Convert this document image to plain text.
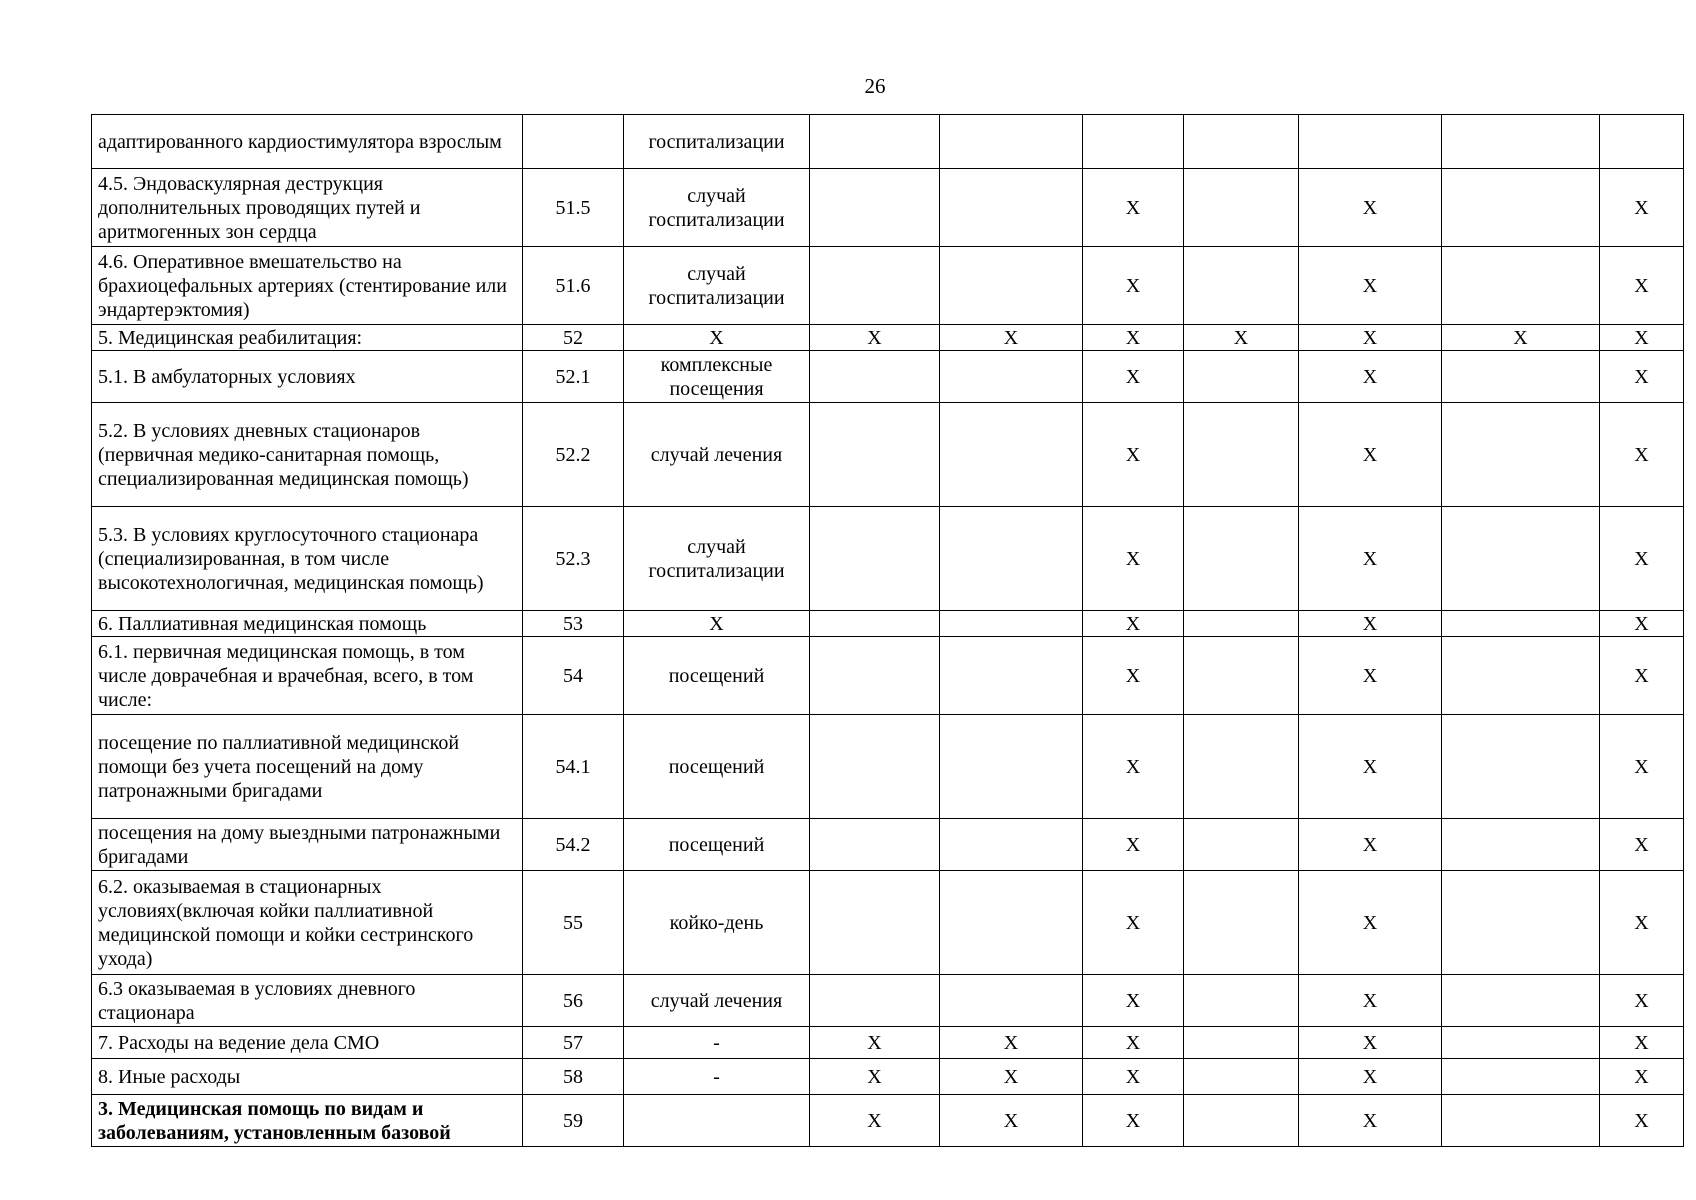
26
адаптированного кардиостимулятора взрослым		госпитализации							
4.5. Эндоваскулярная деструкция дополнительных проводящих путей и аритмогенных зон сердца	51.5	случай госпитализации			X		X		X
4.6. Оперативное вмешательство на брахиоцефальных артериях (стентирование или эндартерэктомия)	51.6	случай госпитализации			X		X		X
5. Медицинская реабилитация:	52	X	X	X	X	X	X	X	X
5.1. В амбулаторных условиях	52.1	комплексные посещения			X		X		X
5.2. В условиях дневных стационаров (первичная медико-санитарная помощь, специализированная медицинская помощь)	52.2	случай лечения			X		X		X
5.3. В условиях круглосуточного стационара (специализированная, в том числе высокотехнологичная, медицинская помощь)	52.3	случай госпитализации			X		X		X
6. Паллиативная медицинская помощь	53	X			X		X		X
6.1. первичная медицинская помощь, в том числе доврачебная и врачебная, всего, в том числе:	54	посещений			X		X		X
посещение по паллиативной медицинской помощи без учета посещений на дому патронажными бригадами	54.1	посещений			X		X		X
посещения на дому выездными патронажными бригадами	54.2	посещений			X		X		X
6.2. оказываемая в стационарных условиях(включая койки паллиативной медицинской помощи и койки сестринского ухода)	55	койко-день			X		X		X
6.3 оказываемая в условиях дневного стационара	56	случай лечения			X		X		X
7. Расходы на ведение дела СМО	57	-	X	X	X		X		X
8. Иные расходы	58	-	X	X	X		X		X
3. Медицинская помощь по видам и заболеваниям, установленным базовой	59		X	X	X		X		X
